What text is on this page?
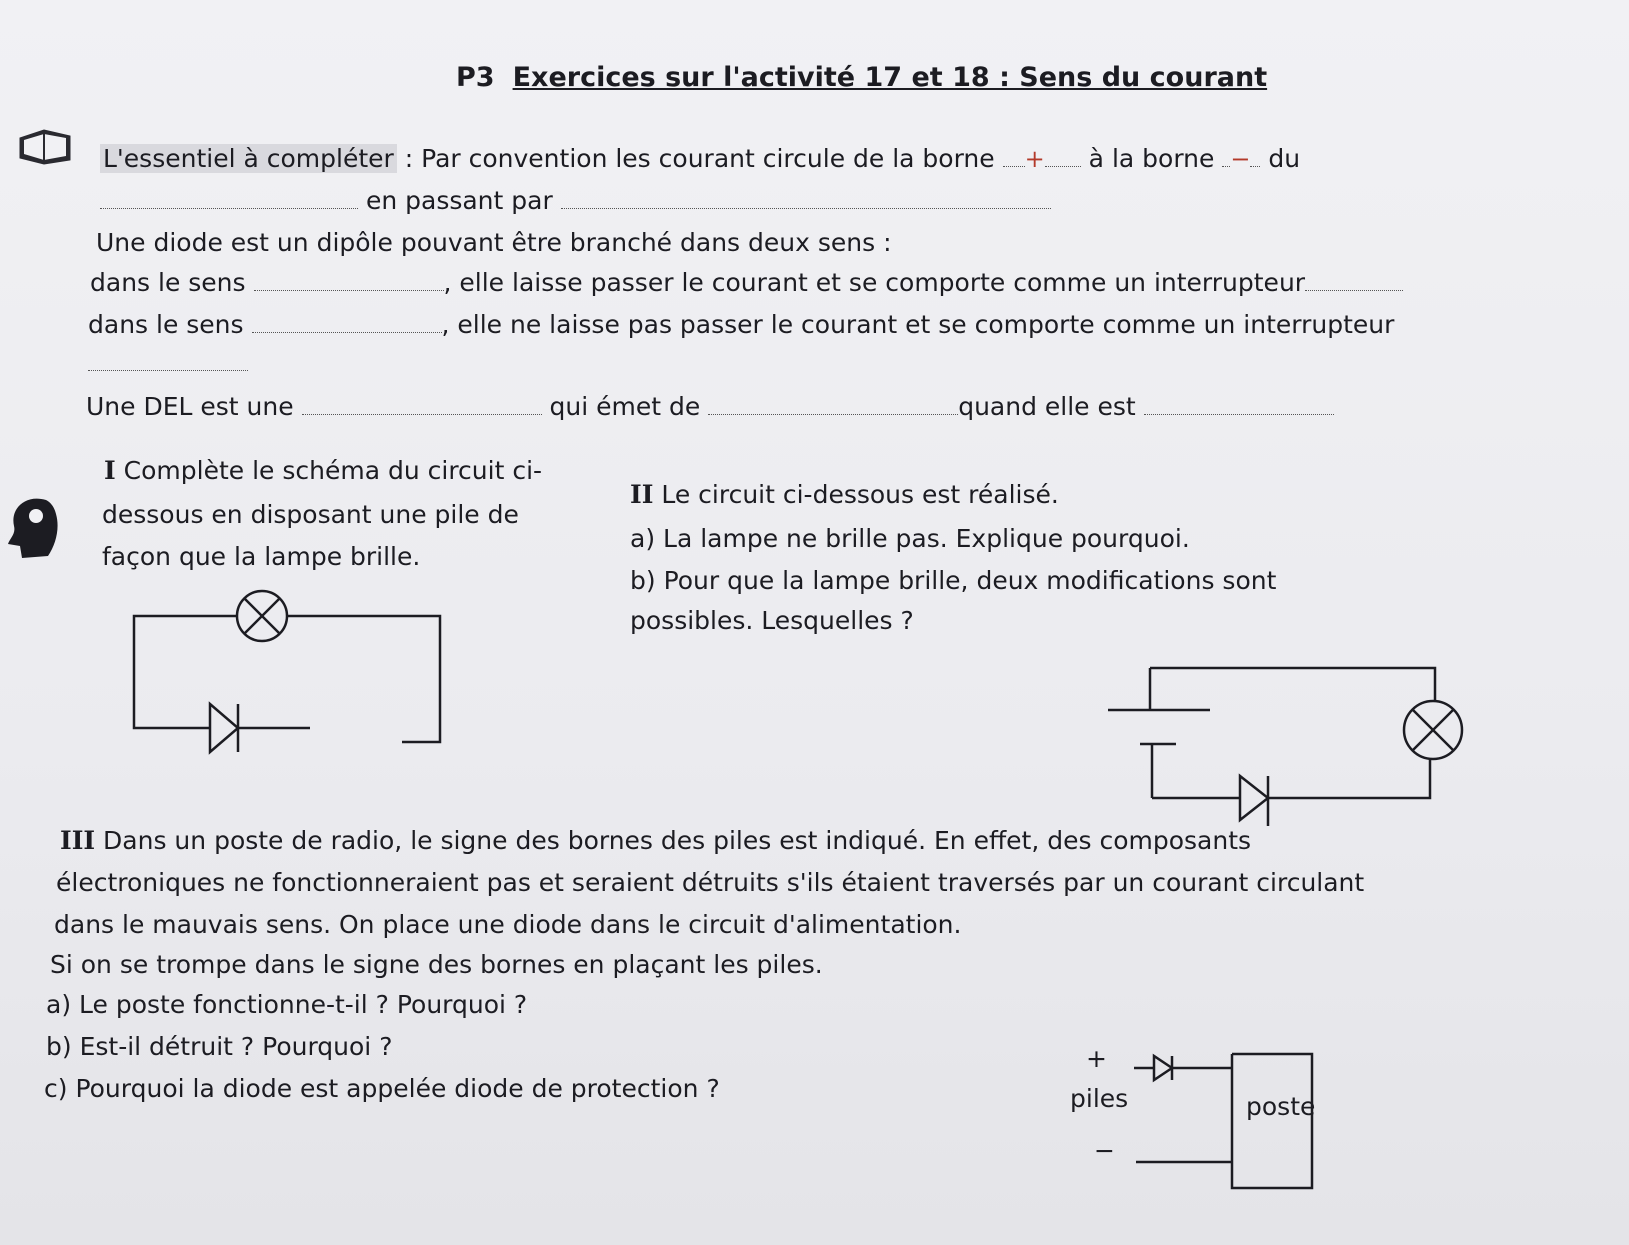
P3 Exercices sur l'activité 17 et 18 : Sens du courant
L'essentiel à compléter : Par convention les courant circule de la borne + à la borne − du
en passant par
Une diode est un dipôle pouvant être branché dans deux sens :
dans le sens	, elle laisse passer le courant et se comporte comme un interrupteur
dans le sens	, elle ne laisse pas passer le courant et se comporte comme un interrupteur
Une DEL est une	qui émet de	quand elle est
I Complète le schéma du circuit ci-
dessous en disposant une pile de
façon que la lampe brille.
II Le circuit ci-dessous est réalisé.
a) La lampe ne brille pas. Explique pourquoi.
b) Pour que la lampe brille, deux modifications sont
possibles. Lesquelles ?
III Dans un poste de radio, le signe des bornes des piles est indiqué. En effet, des composants
électroniques ne fonctionneraient pas et seraient détruits s'ils étaient traversés par un courant circulant
dans le mauvais sens. On place une diode dans le circuit d'alimentation.
Si on se trompe dans le signe des bornes en plaçant les piles.
a) Le poste fonctionne-t-il ? Pourquoi ?
b) Est-il détruit ? Pourquoi ?
c) Pourquoi la diode est appelée diode de protection ?
+
piles
−
poste
